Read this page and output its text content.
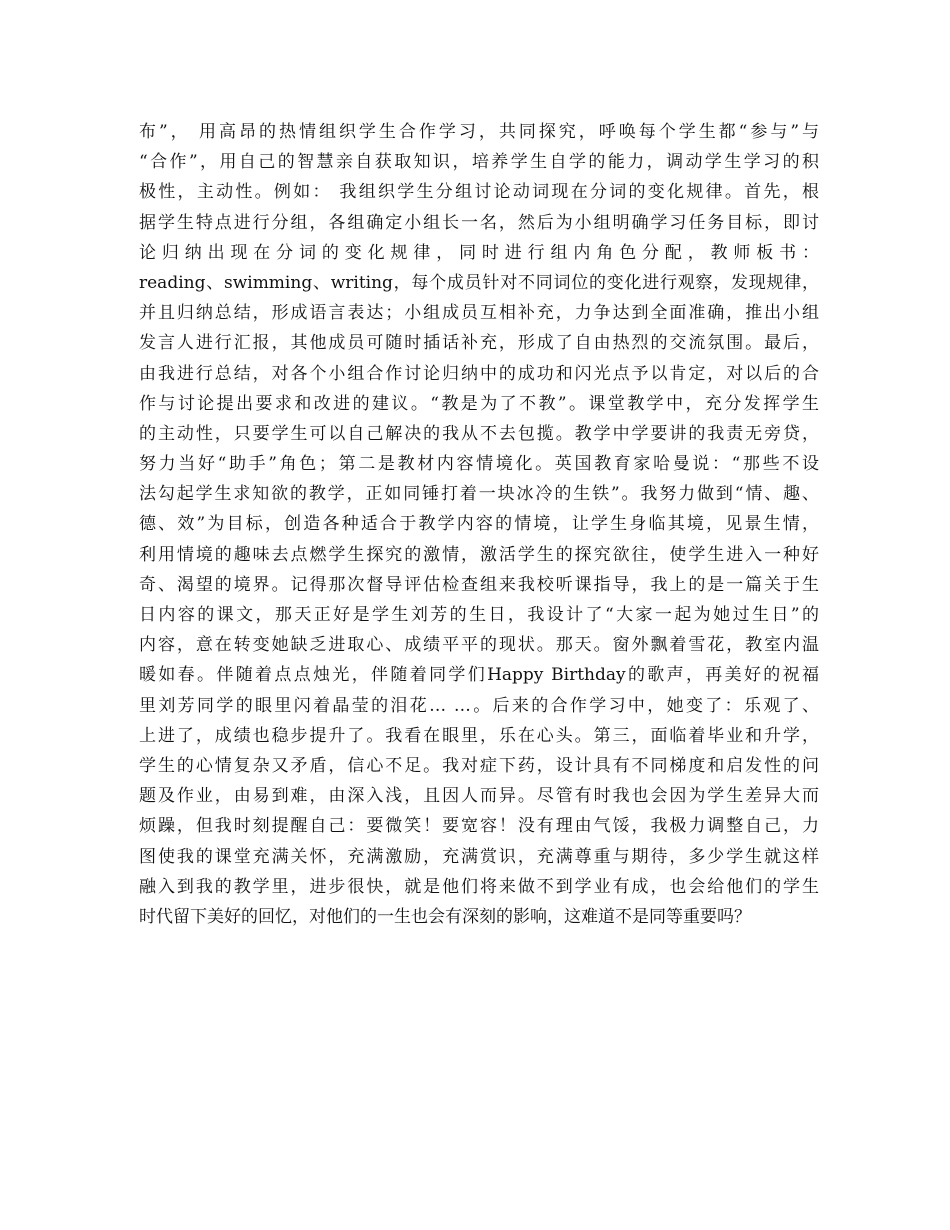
布”， 用高昂的热情组织学生合作学习，共同探究，呼唤每个学生都“参与”与
“合作”，用自己的智慧亲自获取知识，培养学生自学的能力，调动学生学习的积
极性，主动性。例如： 我组织学生分组讨论动词现在分词的变化规律。首先，根
据学生特点进行分组，各组确定小组长一名，然后为小组明确学习任务目标，即讨
论归纳出现在分词的变化规律，同时进行组内角色分配，教师板书：
reading、swimming、writing，每个成员针对不同词位的变化进行观察，发现规律，
并且归纳总结，形成语言表达；小组成员互相补充，力争达到全面准确，推出小组
发言人进行汇报，其他成员可随时插话补充，形成了自由热烈的交流氛围。最后，
由我进行总结，对各个小组合作讨论归纳中的成功和闪光点予以肯定，对以后的合
作与讨论提出要求和改进的建议。“教是为了不教”。课堂教学中，充分发挥学生
的主动性，只要学生可以自己解决的我从不去包揽。教学中学要讲的我责无旁贷，
努力当好“助手”角色；第二是教材内容情境化。英国教育家哈曼说：“那些不设
法勾起学生求知欲的教学，正如同锤打着一块冰冷的生铁”。我努力做到“情、趣、
德、效”为目标，创造各种适合于教学内容的情境，让学生身临其境，见景生情，
利用情境的趣味去点燃学生探究的激情，激活学生的探究欲往，使学生进入一种好
奇、渴望的境界。记得那次督导评估检查组来我校听课指导，我上的是一篇关于生
日内容的课文，那天正好是学生刘芳的生日，我设计了“大家一起为她过生日”的
内容，意在转变她缺乏进取心、成绩平平的现状。那天。窗外飘着雪花，教室内温
暖如春。伴随着点点烛光，伴随着同学们Happy Birthday的歌声，再美好的祝福
里刘芳同学的眼里闪着晶莹的泪花… …。后来的合作学习中，她变了：乐观了、
上进了，成绩也稳步提升了。我看在眼里，乐在心头。第三，面临着毕业和升学，
学生的心情复杂又矛盾，信心不足。我对症下药，设计具有不同梯度和启发性的问
题及作业，由易到难，由深入浅，且因人而异。尽管有时我也会因为学生差异大而
烦躁，但我时刻提醒自己：要微笑！要宽容！没有理由气馁，我极力调整自己，力
图使我的课堂充满关怀，充满激励，充满赏识，充满尊重与期待，多少学生就这样
融入到我的教学里，进步很快，就是他们将来做不到学业有成，也会给他们的学生
时代留下美好的回忆，对他们的一生也会有深刻的影响，这难道不是同等重要吗？
